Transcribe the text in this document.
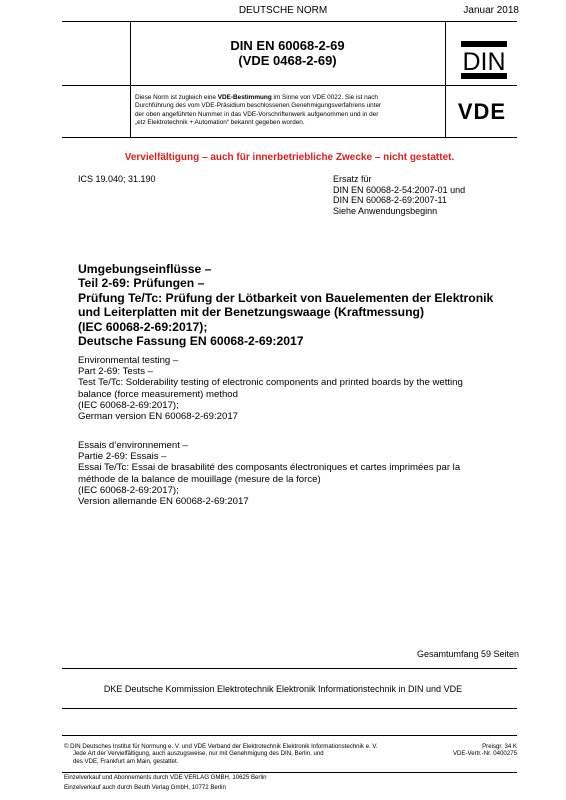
DEUTSCHE NORM	Januar 2018
DIN EN 60068-2-69
(VDE 0468-2-69)	DIN
Diese Norm ist zugleich eine VDE-Bestimmung im Sinne von VDE 0022. Sie ist nach
Durchführung des vom VDE-Präsidium beschlossenen Genehmigungsverfahrens unter
der oben angeführten Nummer in das VDE-Vorschriftenwerk aufgenommen und in der
„etz Elektrotechnik + Automation“ bekannt gegeben worden.	VDE
Vervielfältigung – auch für innerbetriebliche Zwecke – nicht gestattet.
ICS 19.040; 31.190	Ersatz für
DIN EN 60068-2-54:2007-01 und
DIN EN 60068-2-69:2007-11
Siehe Anwendungsbeginn
Umgebungseinflüsse –
Teil 2-69: Prüfungen –
Prüfung Te/Tc: Prüfung der Lötbarkeit von Bauelementen der Elektronik
und Leiterplatten mit der Benetzungswaage (Kraftmessung)
(IEC 60068-2-69:2017);
Deutsche Fassung EN 60068-2-69:2017
Environmental testing –
Part 2-69: Tests –
Test Te/Tc: Solderability testing of electronic components and printed boards by the wetting
balance (force measurement) method
(IEC 60068-2-69:2017);
German version EN 60068-2-69:2017
Essais d’environnement –
Partie 2-69: Essais –
Essai Te/Tc: Essai de brasabilité des composants électroniques et cartes imprimées par la
méthode de la balance de mouillage (mesure de la force)
(IEC 60068-2-69:2017);
Version allemande EN 60068-2-69:2017
Gesamtumfang 59 Seiten
DKE Deutsche Kommission Elektrotechnik Elektronik Informationstechnik in DIN und VDE
© DIN Deutsches Institut für Normung e. V. und VDE Verband der Elektrotechnik Elektronik Informationstechnik e. V.
Jede Art der Vervielfältigung, auch auszugsweise, nur mit Genehmigung des DIN, Berlin, und
des VDE, Frankfurt am Main, gestattet.
Preisgr. 34 K
VDE-Vertr.-Nr. 0400275
Einzelverkauf und Abonnements durch VDE VERLAG GMBH, 10625 Berlin
Einzelverkauf auch durch Beuth Verlag GmbH, 10772 Berlin
